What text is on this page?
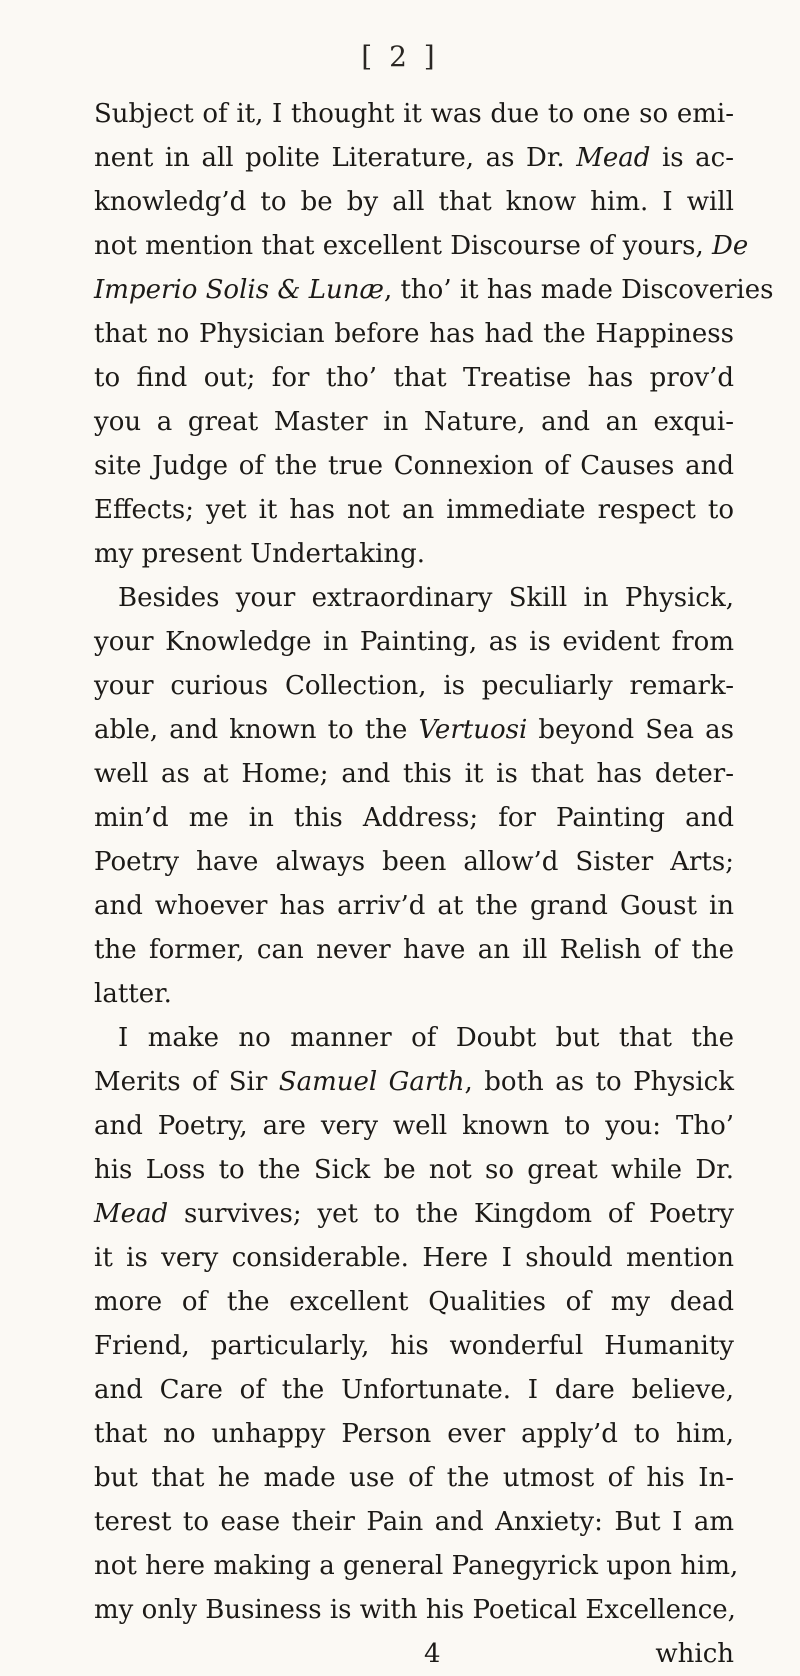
[ 2 ]
Subject of it, I thought it was due to one so emi-
nent in all polite Literature, as Dr. Mead is ac-
knowledg’d to be by all that know him. I will
not mention that excellent Discourse of yours, De
Imperio Solis & Lunæ, tho’ it has made Discoveries
that no Physician before has had the Happiness
to find out; for tho’ that Treatise has prov’d
you a great Master in Nature, and an exqui-
site Judge of the true Connexion of Causes and
Effects; yet it has not an immediate respect to
my present Undertaking.
Besides your extraordinary Skill in Physick,
your Knowledge in Painting, as is evident from
your curious Collection, is peculiarly remark-
able, and known to the Vertuosi beyond Sea as
well as at Home; and this it is that has deter-
min’d me in this Address; for Painting and
Poetry have always been allow’d Sister Arts;
and whoever has arriv’d at the grand Goust in
the former, can never have an ill Relish of the
latter.
I make no manner of Doubt but that the
Merits of Sir Samuel Garth, both as to Physick
and Poetry, are very well known to you: Tho’
his Loss to the Sick be not so great while Dr.
Mead survives; yet to the Kingdom of Poetry
it is very considerable. Here I should mention
more of the excellent Qualities of my dead
Friend, particularly, his wonderful Humanity
and Care of the Unfortunate. I dare believe,
that no unhappy Person ever apply’d to him,
but that he made use of the utmost of his In-
terest to ease their Pain and Anxiety: But I am
not here making a general Panegyrick upon him,
my only Business is with his Poetical Excellence,
4	which
